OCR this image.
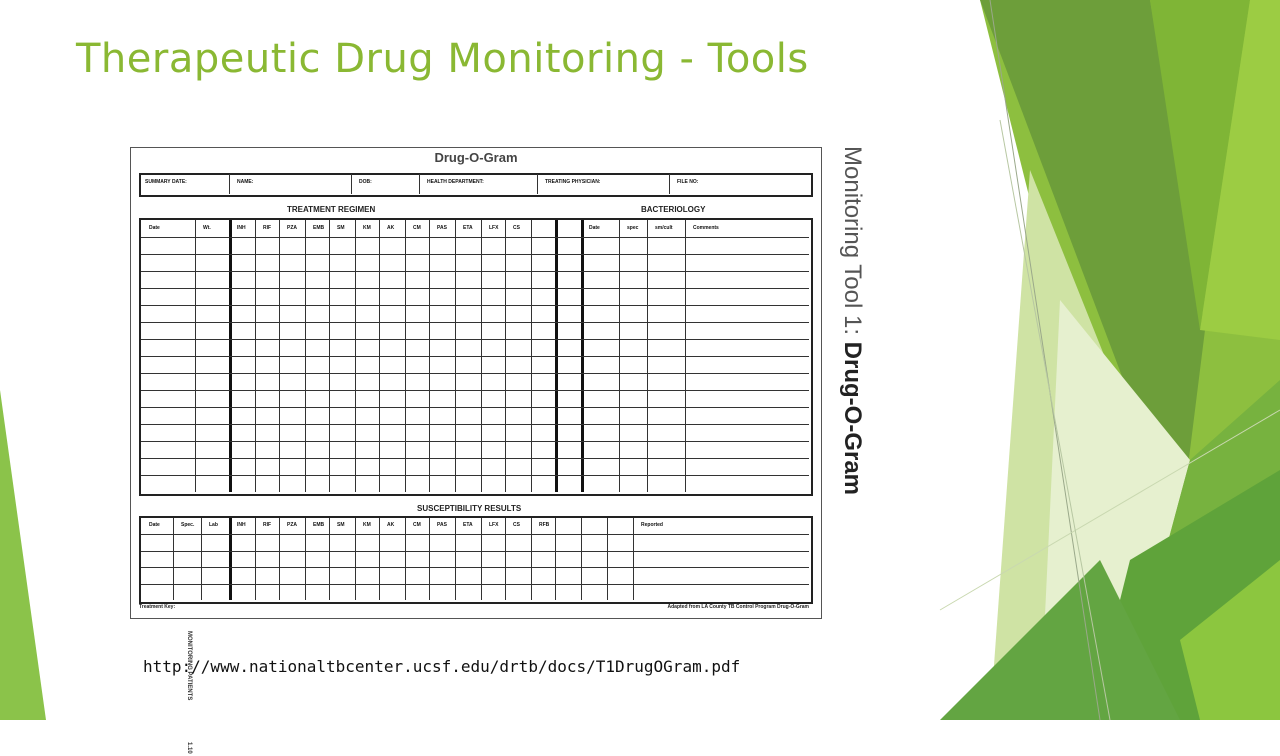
Therapeutic Drug Monitoring - Tools
MONITORING PATIENTS
1.10
Drug-O-Gram
SUMMARY DATE:	NAME:	DOB:	HEALTH DEPARTMENT:	TREATING PHYSICIAN:	FILE NO:
TREATMENT REGIMEN	BACTERIOLOGY
SUSCEPTIBILITY RESULTS
Treatment Key:	Adapted from LA County TB Control Program Drug-O-Gram
Date	Wt.	INH	RIF	PZA	EMB	SM	KM	AK	CM	PAS	ETA	LFX	CS	Date	spec	sm/cult	Comments
Date	Spec.	Lab	INH	RIF	PZA	EMB	SM	KM	AK	CM	PAS	ETA	LFX	CS	RFB	Reported
Monitoring Tool 1: Drug-O-Gram
http://www.nationaltbcenter.ucsf.edu/drtb/docs/T1DrugOGram.pdf
